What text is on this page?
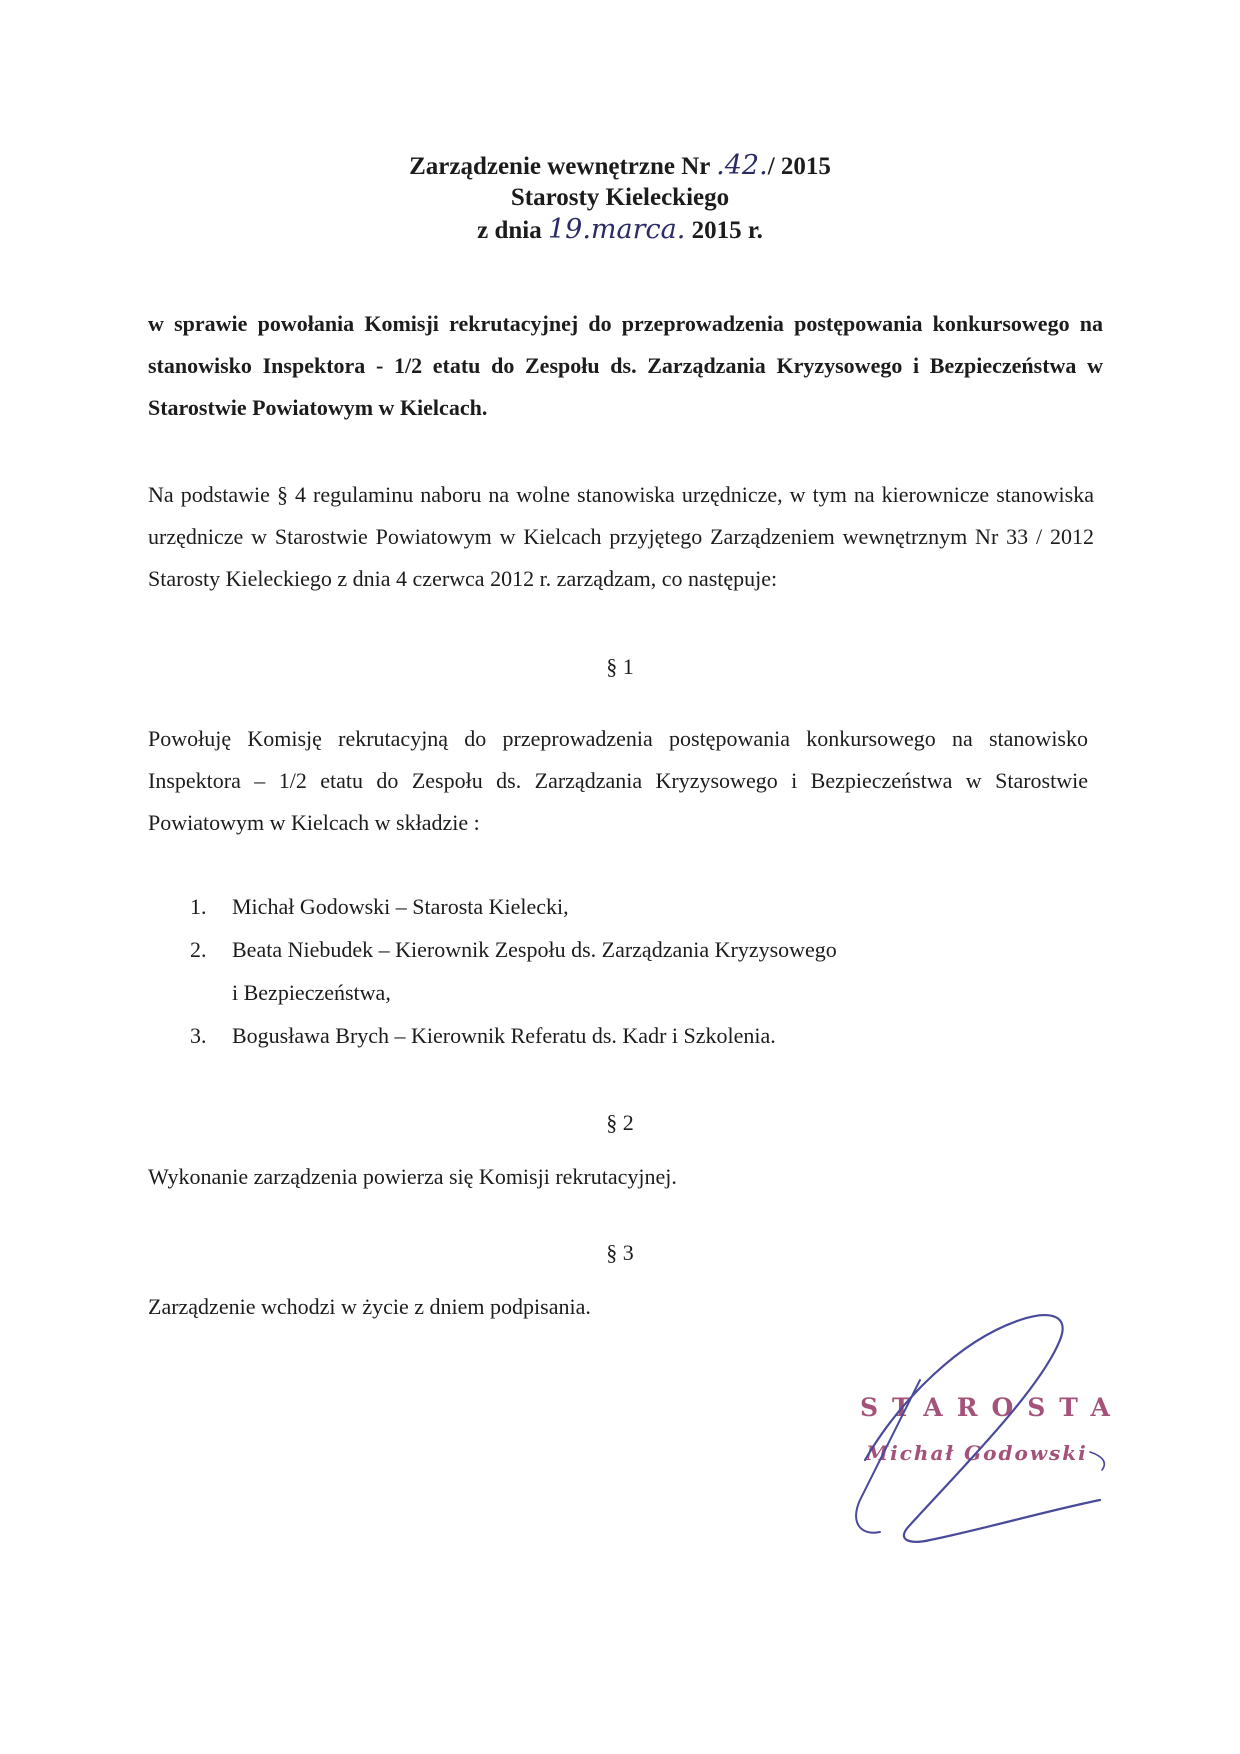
Zarządzenie wewnętrzne Nr .42./ 2015
Starosty Kieleckiego
z dnia 19.marca. 2015 r.
w sprawie powołania Komisji rekrutacyjnej do przeprowadzenia postępowania konkursowego na stanowisko Inspektora - 1/2 etatu do Zespołu ds. Zarządzania Kryzysowego i Bezpieczeństwa w Starostwie Powiatowym w Kielcach.
Na podstawie § 4 regulaminu naboru na wolne stanowiska urzędnicze, w tym na kierownicze stanowiska urzędnicze w Starostwie Powiatowym w Kielcach przyjętego Zarządzeniem wewnętrznym Nr 33 / 2012 Starosty Kieleckiego z dnia 4 czerwca 2012 r. zarządzam, co następuje:
§ 1
Powołuję Komisję rekrutacyjną do przeprowadzenia postępowania konkursowego na stanowisko Inspektora – 1/2 etatu do Zespołu ds. Zarządzania Kryzysowego i Bezpieczeństwa w Starostwie Powiatowym w Kielcach w składzie :
1. Michał Godowski – Starosta Kielecki,
2. Beata Niebudek – Kierownik Zespołu ds. Zarządzania Kryzysowego
i Bezpieczeństwa,
3. Bogusława Brych – Kierownik Referatu ds. Kadr i Szkolenia.
§ 2
Wykonanie zarządzenia powierza się Komisji rekrutacyjnej.
§ 3
Zarządzenie wchodzi w życie z dniem podpisania.
STAROSTA
Michał Godowski
